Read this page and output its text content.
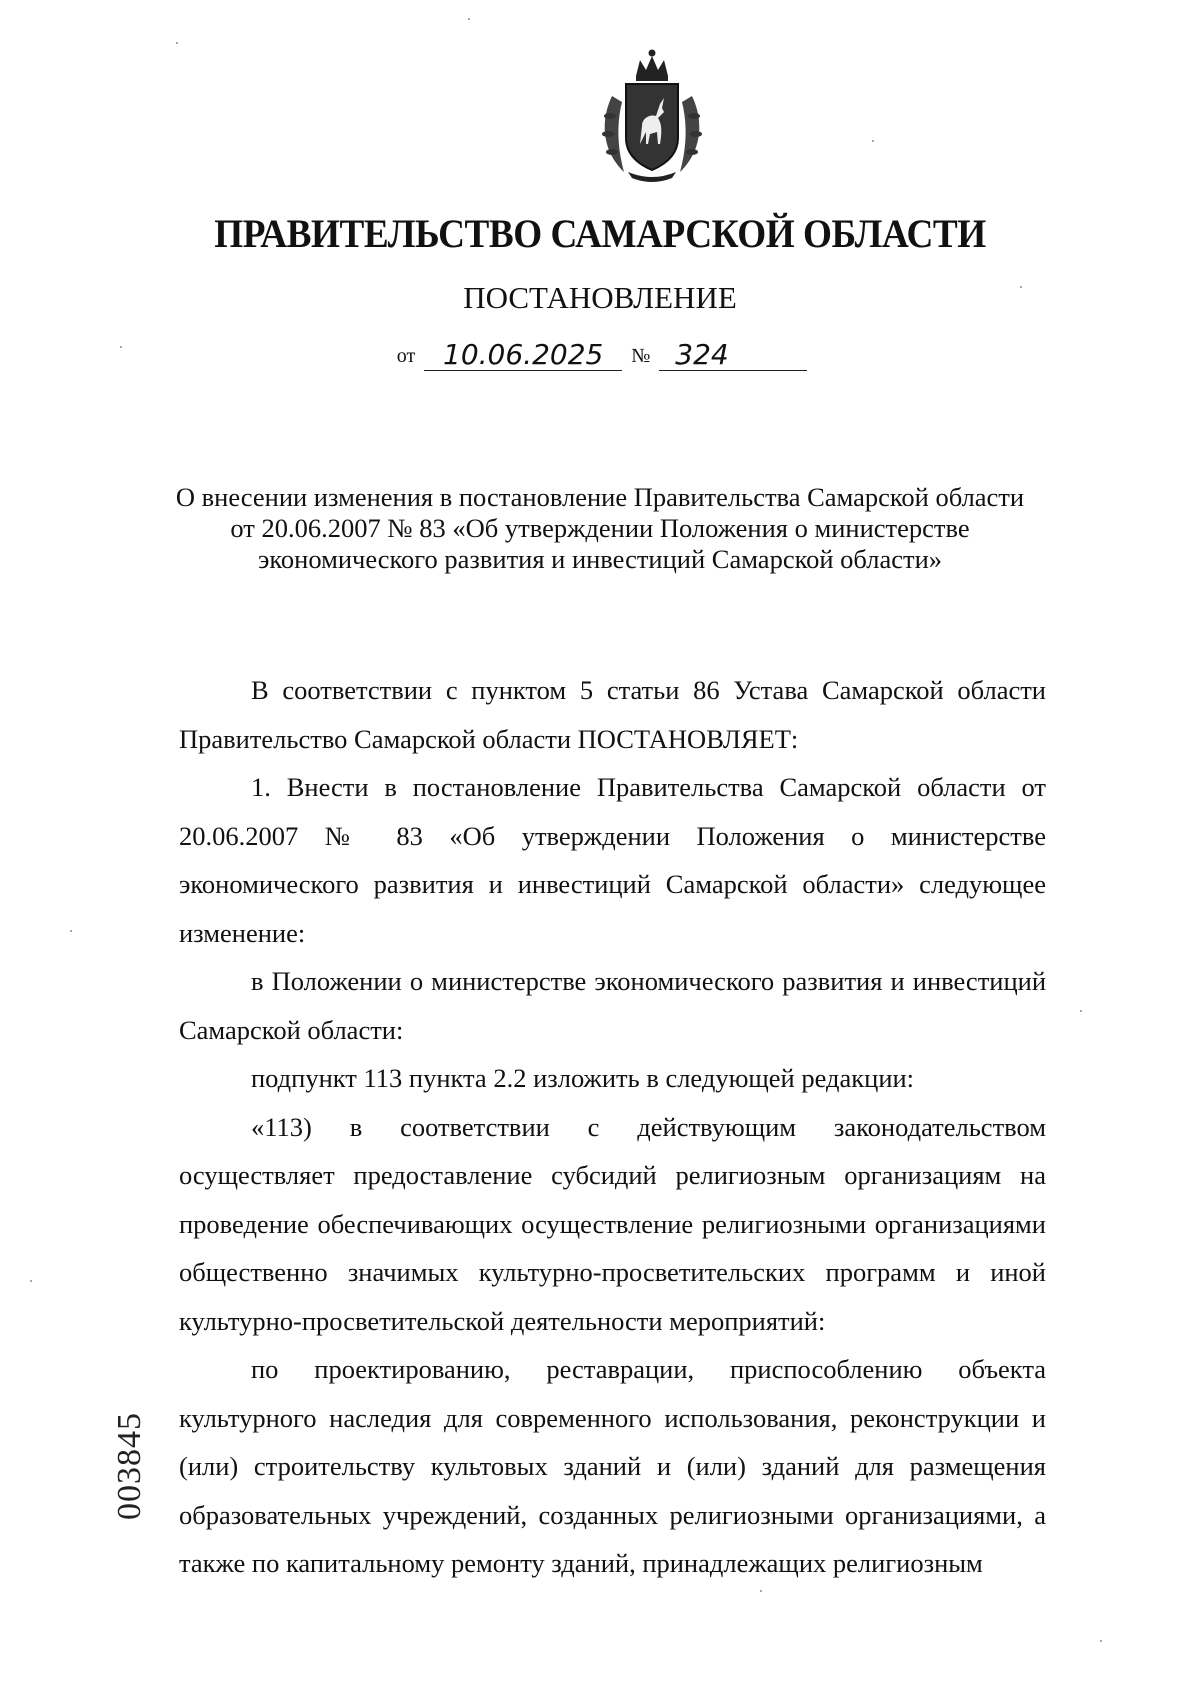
ПРАВИТЕЛЬСТВО САМАРСКОЙ ОБЛАСТИ
ПОСТАНОВЛЕНИЕ
от 10.06.2025 № 324
О внесении изменения в постановление Правительства Самарской области
от 20.06.2007 № 83 «Об утверждении Положения о министерстве
экономического развития и инвестиций Самарской области»

В соответствии с пунктом 5 статьи 86 Устава Самарской области Правительство Самарской области ПОСТАНОВЛЯЕТ:

1. Внести в постановление Правительства Самарской области от 20.06.2007 № 83 «Об утверждении Положения о министерстве экономического развития и инвестиций Самарской области» следующее изменение:

в Положении о министерстве экономического развития и инвестиций Самарской области:

подпункт 113 пункта 2.2 изложить в следующей редакции:

«113) в соответствии с действующим законодательством осуществляет предоставление субсидий религиозным организациям на проведение обеспечивающих осуществление религиозными организациями общественно значимых культурно-просветительских программ и иной культурно-просветительской деятельности мероприятий:

по проектированию, реставрации, приспособлению объекта культурного наследия для современного использования, реконструкции и (или) строительству культовых зданий и (или) зданий для размещения образовательных учреждений, созданных религиозными организациями, а также по капитальному ремонту зданий, принадлежащих религиозным

003845
